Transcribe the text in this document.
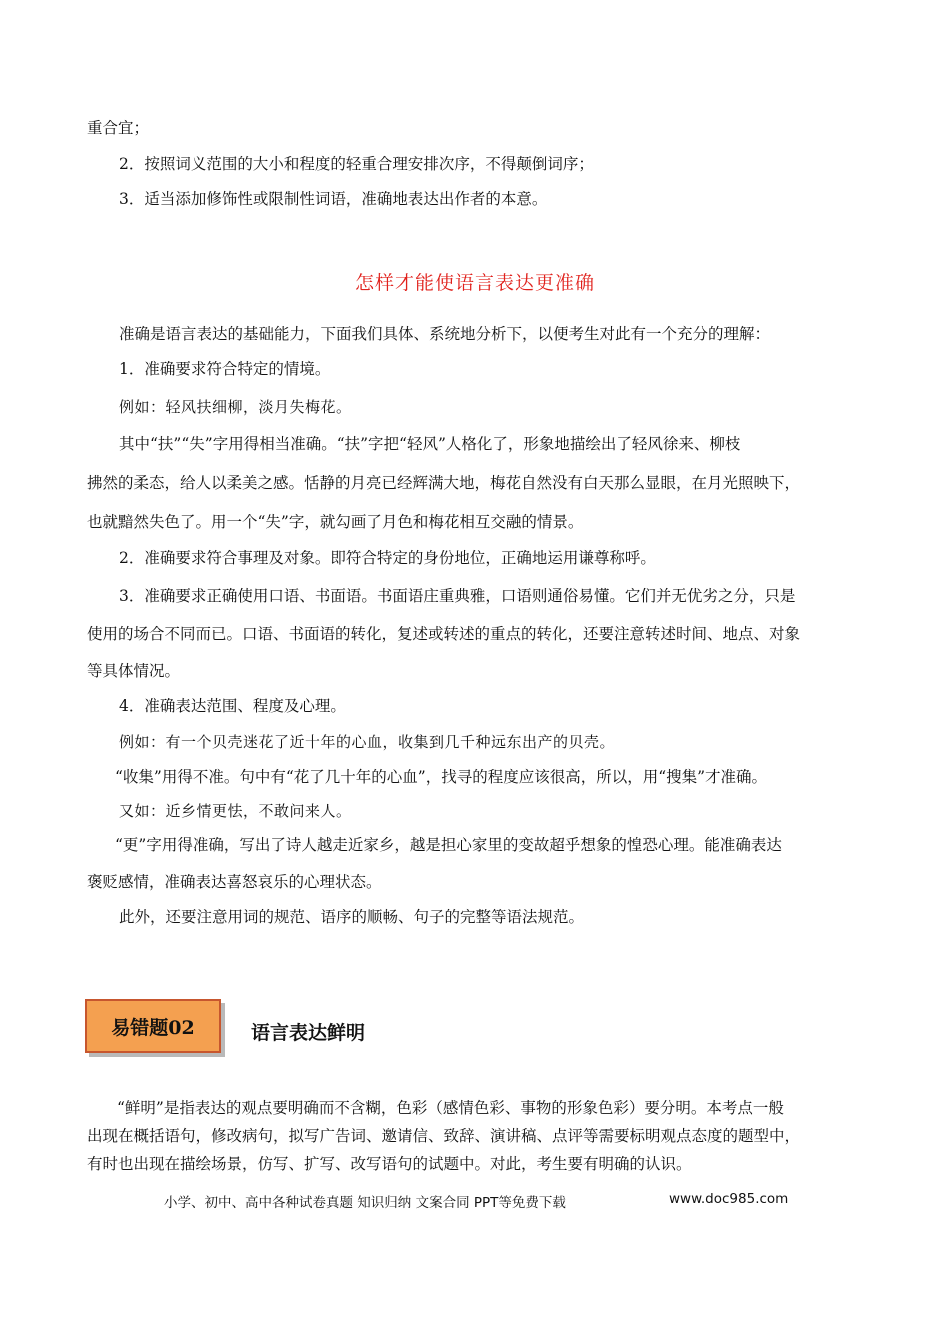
重合宜；
2．按照词义范围的大小和程度的轻重合理安排次序，不得颠倒词序；
3．适当添加修饰性或限制性词语，准确地表达出作者的本意。
怎样才能使语言表达更准确
准确是语言表达的基础能力，下面我们具体、系统地分析下，以便考生对此有一个充分的理解：
1．准确要求符合特定的情境。
例如：轻风扶细柳，淡月失梅花。
其中“扶”“失”字用得相当准确。“扶”字把“轻风”人格化了，形象地描绘出了轻风徐来、柳枝
拂然的柔态，给人以柔美之感。恬静的月亮已经辉满大地，梅花自然没有白天那么显眼，在月光照映下，
也就黯然失色了。用一个“失”字，就勾画了月色和梅花相互交融的情景。
2．准确要求符合事理及对象。即符合特定的身份地位，正确地运用谦尊称呼。
3．准确要求正确使用口语、书面语。书面语庄重典雅，口语则通俗易懂。它们并无优劣之分，只是
使用的场合不同而已。口语、书面语的转化，复述或转述的重点的转化，还要注意转述时间、地点、对象
等具体情况。
4．准确表达范围、程度及心理。
例如：有一个贝壳迷花了近十年的心血，收集到几千种远东出产的贝壳。
“收集”用得不准。句中有“花了几十年的心血”，找寻的程度应该很高，所以，用“搜集”才准确。
又如：近乡情更怯，不敢问来人。
“更”字用得准确，写出了诗人越走近家乡，越是担心家里的变故超乎想象的惶恐心理。能准确表达
褒贬感情，准确表达喜怒哀乐的心理状态。
此外，还要注意用词的规范、语序的顺畅、句子的完整等语法规范。
易错题02	语言表达鲜明
“鲜明”是指表达的观点要明确而不含糊，色彩（感情色彩、事物的形象色彩）要分明。本考点一般
出现在概括语句，修改病句，拟写广告词、邀请信、致辞、演讲稿、点评等需要标明观点态度的题型中，
有时也出现在描绘场景，仿写、扩写、改写语句的试题中。对此，考生要有明确的认识。
小学、初中、高中各种试卷真题 知识归纳 文案合同 PPT等免费下载	www.doc985.com
